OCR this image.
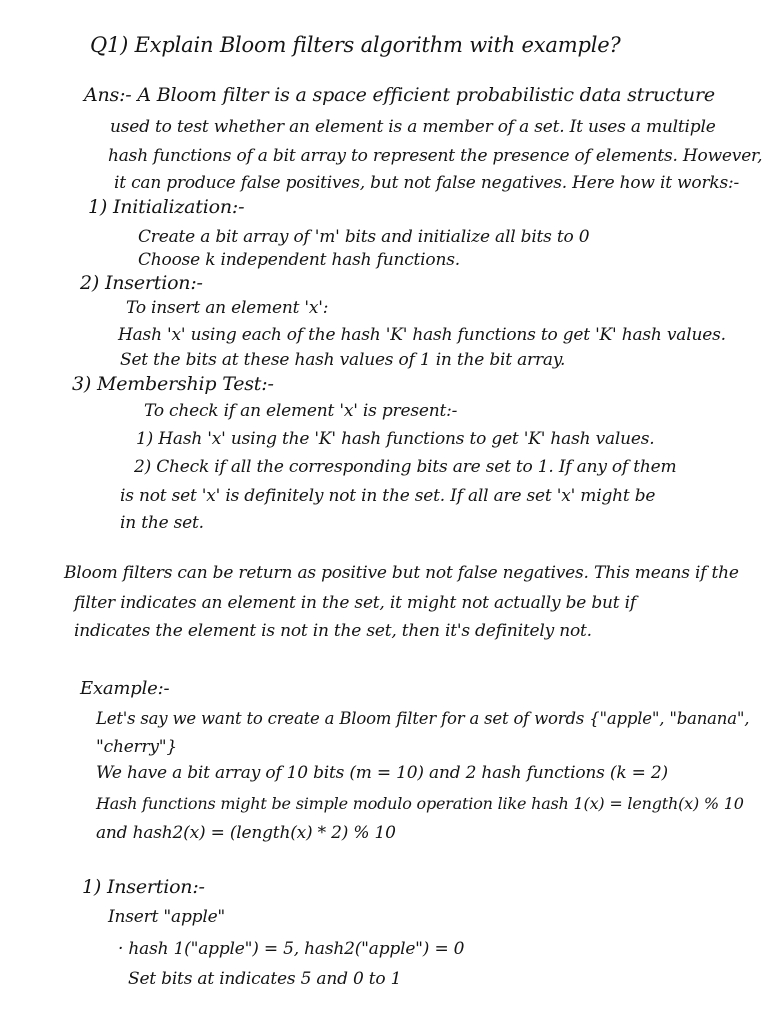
Q1) Explain Bloom filters algorithm with example?
Ans:- A Bloom filter is a space efficient probabilistic data structure
used to test whether an element is a member of a set. It uses a multiple
hash functions of a bit array to represent the presence of elements. However,
it can produce false positives, but not false negatives. Here how it works:-
1) Initialization:-
Create a bit array of 'm' bits and initialize all bits to 0
Choose k independent hash functions.
2) Insertion:-
To insert an element 'x':
Hash 'x' using each of the hash 'K' hash functions to get 'K' hash values.
Set the bits at these hash values of 1 in the bit array.
3) Membership Test:-
To check if an element 'x' is present:-
1) Hash 'x' using the 'K' hash functions to get 'K' hash values.
2) Check if all the corresponding bits are set to 1. If any of them
is not set 'x' is definitely not in the set. If all are set 'x' might be
in the set.
Bloom filters can be return as positive but not false negatives. This means if the
filter indicates an element in the set, it might not actually be but if
indicates the element is not in the set, then it's definitely not.
Example:-
Let's say we want to create a Bloom filter for a set of words {"apple", "banana",
"cherry"}
We have a bit array of 10 bits (m = 10) and 2 hash functions (k = 2)
Hash functions might be simple modulo operation like hash 1(x) = length(x) % 10
and hash2(x) = (length(x) * 2) % 10
1) Insertion:-
Insert "apple"
· hash 1("apple") = 5, hash2("apple") = 0
Set bits at indicates 5 and 0 to 1
